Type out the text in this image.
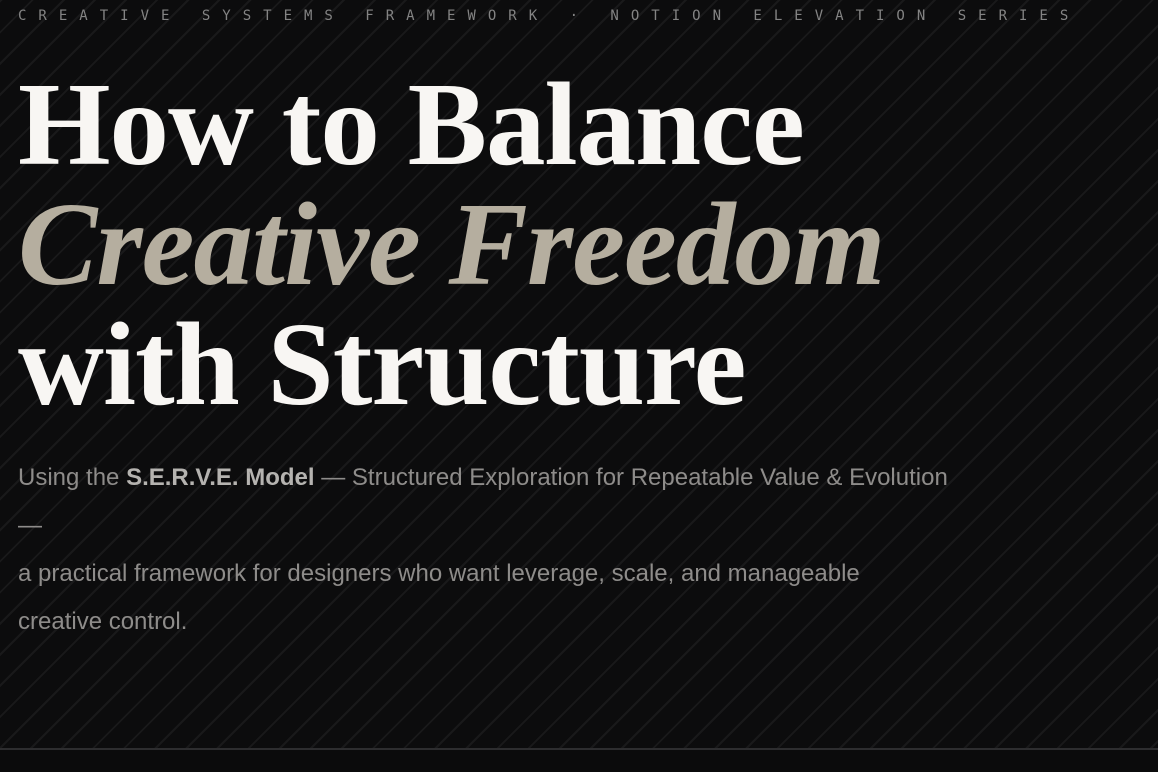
CREATIVE SYSTEMS FRAMEWORK · NOTION ELEVATION SERIES
How to Balance
Creative Freedom
with Structure

Using the S.E.R.V.E. Model — Structured Exploration for Repeatable Value & Evolution
—
a practical framework for designers who want leverage, scale, and manageable
creative control.
